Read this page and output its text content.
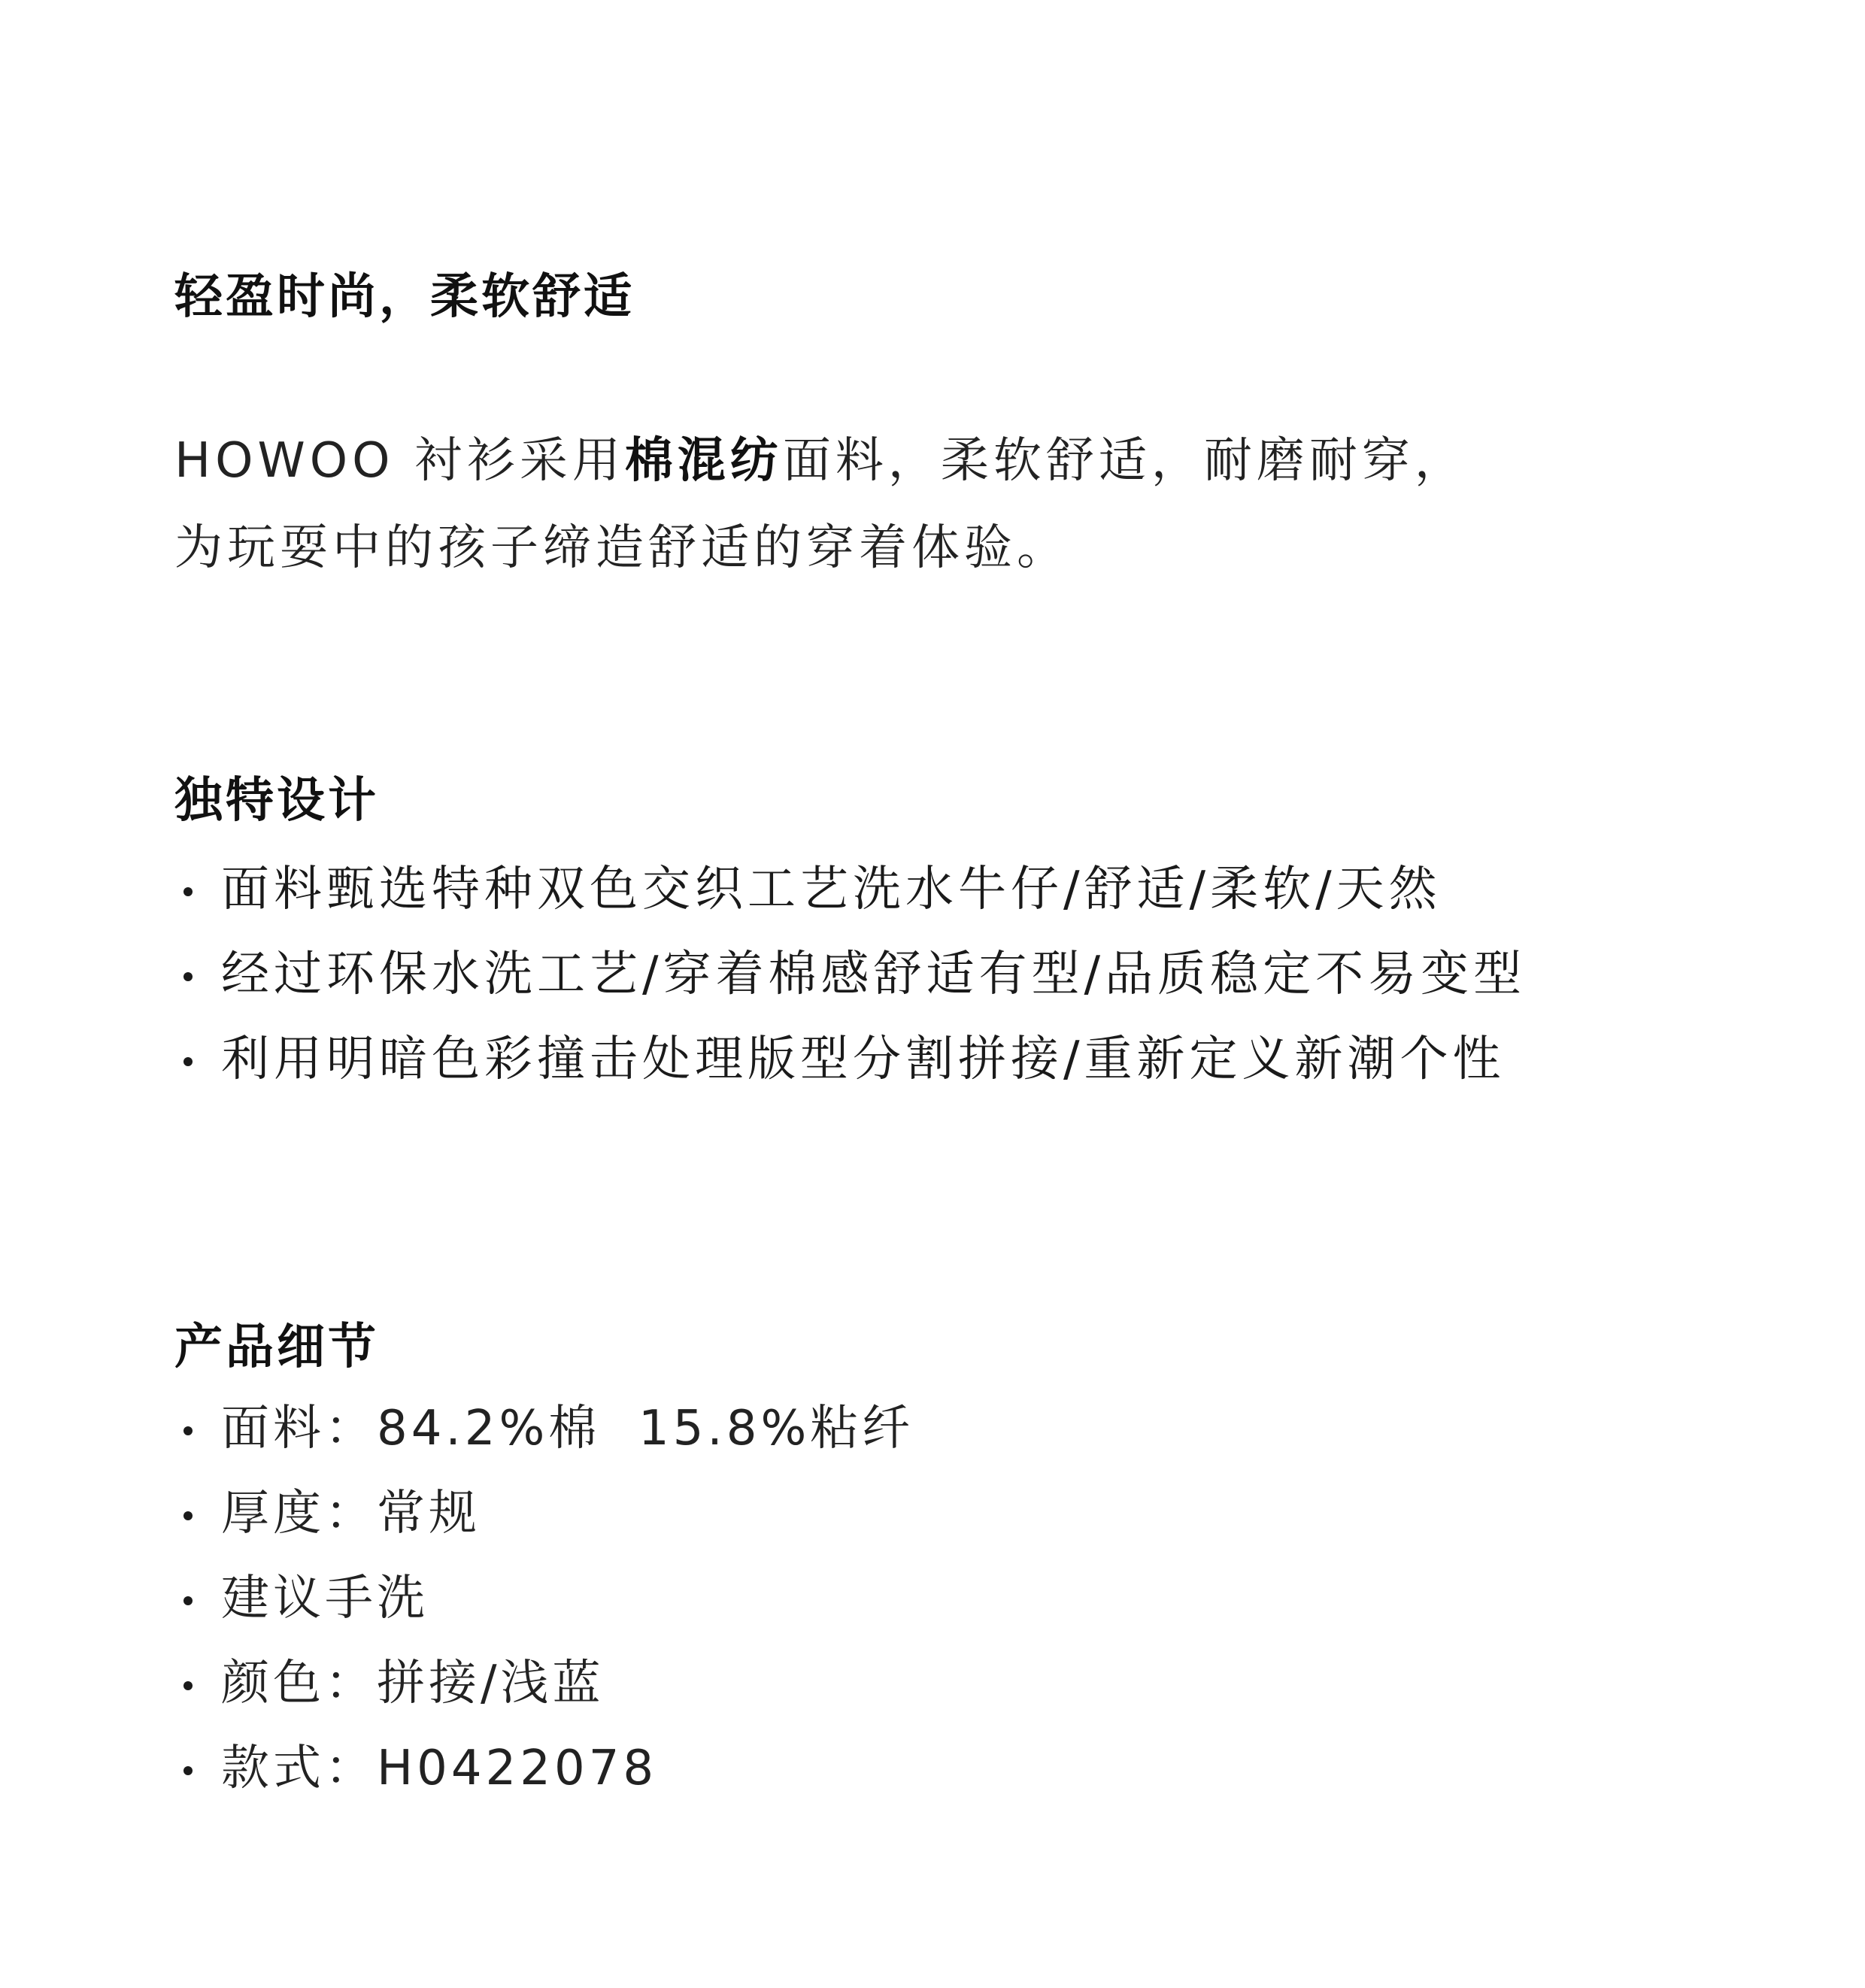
轻盈时尚，柔软舒适
HOWOO 衬衫采用棉混纺面料，柔软舒适，耐磨耐穿，
为玩耍中的孩子缔造舒适的穿着体验。
独特设计
面料甄选特种双色交织工艺洗水牛仔/舒适/柔软/天然
经过环保水洗工艺/穿着棉感舒适有型/品质稳定不易变型
利用明暗色彩撞击处理版型分割拼接/重新定义新潮个性
产品细节
面料：84.2%棉  15.8%粘纤
厚度：常规
建议手洗
颜色：拼接/浅蓝
款式：H0422078
